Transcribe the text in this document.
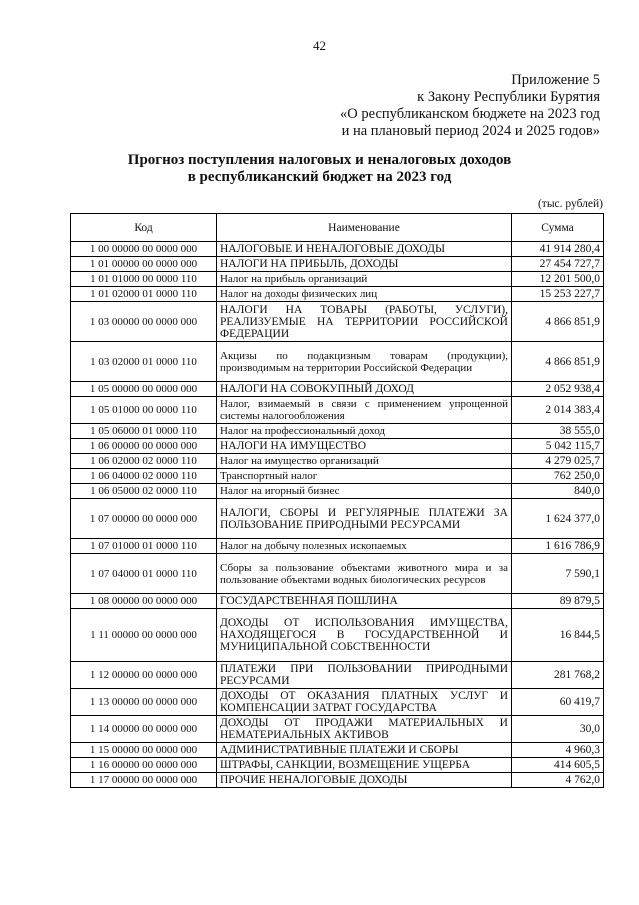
42
Приложение 5
к Закону Республики Бурятия
«О республиканском бюджете на 2023 год
и на плановый период 2024 и 2025 годов»
Прогноз поступления налоговых и неналоговых доходов
в республиканский бюджет на 2023 год
(тыс. рублей)
Код	Наименование	Сумма
1 00 00000 00 0000 000	НАЛОГОВЫЕ И НЕНАЛОГОВЫЕ ДОХОДЫ	41 914 280,4
1 01 00000 00 0000 000	НАЛОГИ НА ПРИБЫЛЬ, ДОХОДЫ	27 454 727,7
1 01 01000 00 0000 110	Налог на прибыль организаций	12 201 500,0
1 01 02000 01 0000 110	Налог на доходы физических лиц	15 253 227,7
1 03 00000 00 0000 000	НАЛОГИ НА ТОВАРЫ (РАБОТЫ, УСЛУГИ), РЕАЛИЗУЕМЫЕ НА ТЕРРИТОРИИ РОССИЙСКОЙ ФЕДЕРАЦИИ	4 866 851,9
1 03 02000 01 0000 110	Акцизы по подакцизным товарам (продукции), производимым на территории Российской Федерации	4 866 851,9
1 05 00000 00 0000 000	НАЛОГИ НА СОВОКУПНЫЙ ДОХОД	2 052 938,4
1 05 01000 00 0000 110	Налог, взимаемый в связи с применением упрощенной системы налогообложения	2 014 383,4
1 05 06000 01 0000 110	Налог на профессиональный доход	38 555,0
1 06 00000 00 0000 000	НАЛОГИ НА ИМУЩЕСТВО	5 042 115,7
1 06 02000 02 0000 110	Налог на имущество организаций	4 279 025,7
1 06 04000 02 0000 110	Транспортный налог	762 250,0
1 06 05000 02 0000 110	Налог на игорный бизнес	840,0
1 07 00000 00 0000 000	НАЛОГИ, СБОРЫ И РЕГУЛЯРНЫЕ ПЛАТЕЖИ ЗА ПОЛЬЗОВАНИЕ ПРИРОДНЫМИ РЕСУРСАМИ	1 624 377,0
1 07 01000 01 0000 110	Налог на добычу полезных ископаемых	1 616 786,9
1 07 04000 01 0000 110	Сборы за пользование объектами животного мира и за пользование объектами водных биологических ресурсов	7 590,1
1 08 00000 00 0000 000	ГОСУДАРСТВЕННАЯ ПОШЛИНА	89 879,5
1 11 00000 00 0000 000	ДОХОДЫ ОТ ИСПОЛЬЗОВАНИЯ ИМУЩЕСТВА, НАХОДЯЩЕГОСЯ В ГОСУДАРСТВЕННОЙ И МУНИЦИПАЛЬНОЙ СОБСТВЕННОСТИ	16 844,5
1 12 00000 00 0000 000	ПЛАТЕЖИ ПРИ ПОЛЬЗОВАНИИ ПРИРОДНЫМИ РЕСУРСАМИ	281 768,2
1 13 00000 00 0000 000	ДОХОДЫ ОТ ОКАЗАНИЯ ПЛАТНЫХ УСЛУГ И КОМПЕНСАЦИИ ЗАТРАТ ГОСУДАРСТВА	60 419,7
1 14 00000 00 0000 000	ДОХОДЫ ОТ ПРОДАЖИ МАТЕРИАЛЬНЫХ И НЕМАТЕРИАЛЬНЫХ АКТИВОВ	30,0
1 15 00000 00 0000 000	АДМИНИСТРАТИВНЫЕ ПЛАТЕЖИ И СБОРЫ	4 960,3
1 16 00000 00 0000 000	ШТРАФЫ, САНКЦИИ, ВОЗМЕЩЕНИЕ УЩЕРБА	414 605,5
1 17 00000 00 0000 000	ПРОЧИЕ НЕНАЛОГОВЫЕ ДОХОДЫ	4 762,0
